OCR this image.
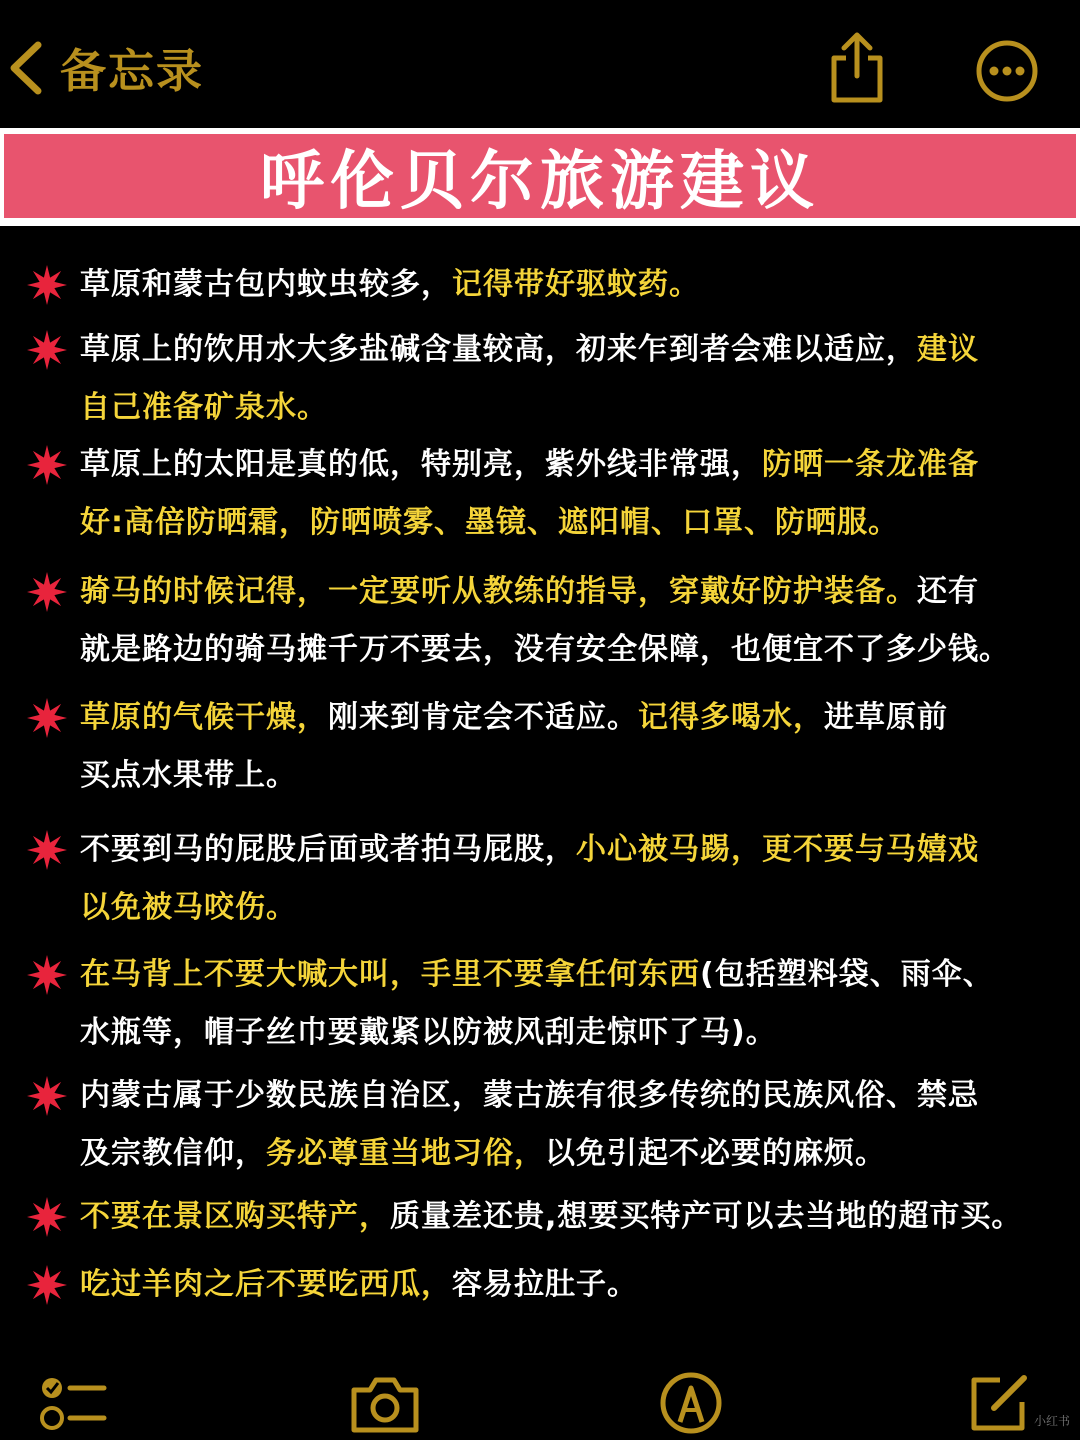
备忘录
呼伦贝尔旅游建议
草原和蒙古包内蚊虫较多，记得带好驱蚊药。
草原上的饮用水大多盐碱含量较高，初来乍到者会难以适应，建议
自己准备矿泉水。
草原上的太阳是真的低，特别亮，紫外线非常强，防晒一条龙准备
好:高倍防晒霜，防晒喷雾、墨镜、遮阳帽、口罩、防晒服。
骑马的时候记得，一定要听从教练的指导，穿戴好防护装备。还有
就是路边的骑马摊千万不要去，没有安全保障，也便宜不了多少钱。
草原的气候干燥，刚来到肯定会不适应。记得多喝水，进草原前
买点水果带上。
不要到马的屁股后面或者拍马屁股，小心被马踢，更不要与马嬉戏
以免被马咬伤。
在马背上不要大喊大叫，手里不要拿任何东西(包括塑料袋、雨伞、
水瓶等，帽子丝巾要戴紧以防被风刮走惊吓了马)。
内蒙古属于少数民族自治区，蒙古族有很多传统的民族风俗、禁忌
及宗教信仰，务必尊重当地习俗，以免引起不必要的麻烦。
不要在景区购买特产，质量差还贵,想要买特产可以去当地的超市买。
吃过羊肉之后不要吃西瓜，容易拉肚子。
小红书
